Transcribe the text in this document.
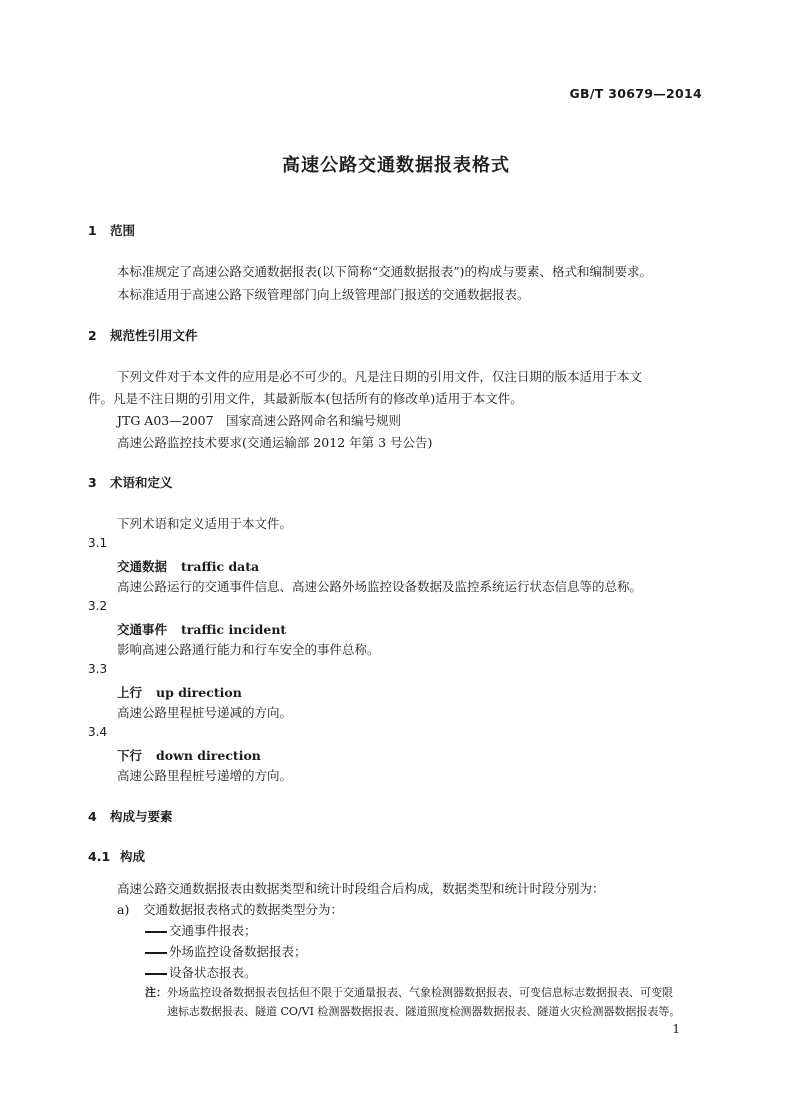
GB/T 30679—2014
高速公路交通数据报表格式
1 范围
本标准规定了高速公路交通数据报表(以下简称“交通数据报表”)的构成与要素、格式和编制要求。
本标准适用于高速公路下级管理部门向上级管理部门报送的交通数据报表。
2 规范性引用文件
下列文件对于本文件的应用是必不可少的。凡是注日期的引用文件，仅注日期的版本适用于本文
件。凡是不注日期的引用文件，其最新版本(包括所有的修改单)适用于本文件。
JTG A03—2007　国家高速公路网命名和编号规则
高速公路监控技术要求(交通运输部 2012 年第 3 号公告)
3 术语和定义
下列术语和定义适用于本文件。
3.1
交通数据 traffic data
高速公路运行的交通事件信息、高速公路外场监控设备数据及监控系统运行状态信息等的总称。
3.2
交通事件 traffic incident
影响高速公路通行能力和行车安全的事件总称。
3.3
上行 up direction
高速公路里程桩号递减的方向。
3.4
下行 down direction
高速公路里程桩号递增的方向。
4 构成与要素
4.1 构成
高速公路交通数据报表由数据类型和统计时段组合后构成，数据类型和统计时段分别为：
a) 交通数据报表格式的数据类型分为：
交通事件报表；
外场监控设备数据报表；
设备状态报表。
注：外场监控设备数据报表包括但不限于交通量报表、气象检测器数据报表、可变信息标志数据报表、可变限
速标志数据报表、隧道 CO/VI 检测器数据报表、隧道照度检测器数据报表、隧道火灾检测器数据报表等。
1
